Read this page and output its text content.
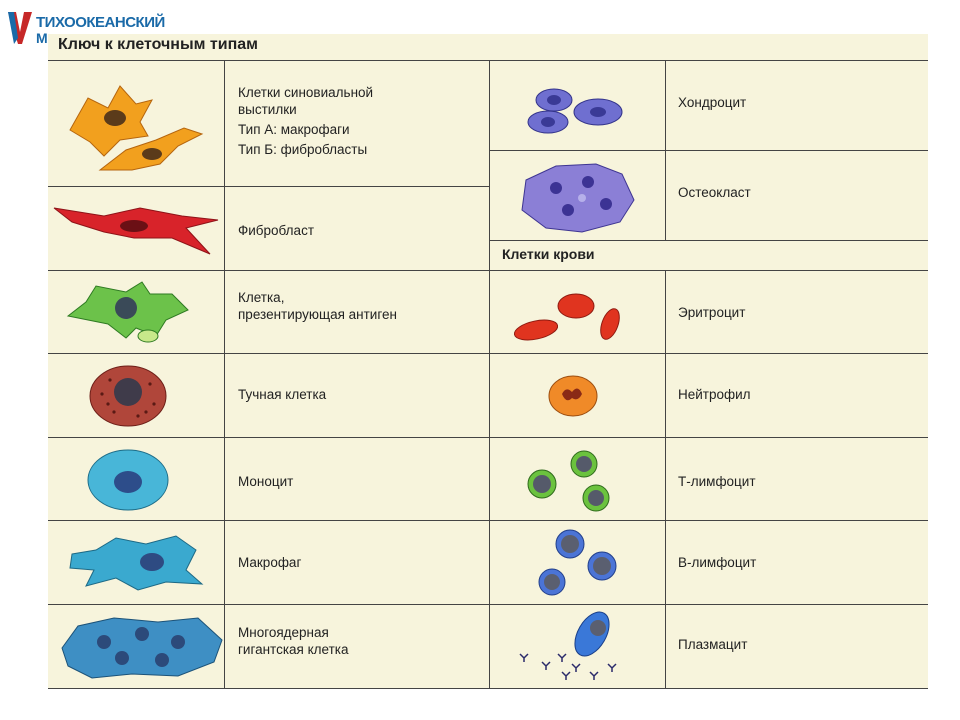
ТИХООКЕАНСКИЙ
М Ключ к клеточным типам
Клетки синовиальной
выстилки
Тип А: макрофаги
Тип Б: фибробласты
Фибробласт
Клетка,
презентирующая антиген
Тучная клетка
Моноцит
Макрофаг
Многоядерная
гигантская клетка
Хондроцит
Остеокласт
Клетки крови
Эритроцит
Нейтрофил
Т-лимфоцит
В-лимфоцит
Плазмацит
